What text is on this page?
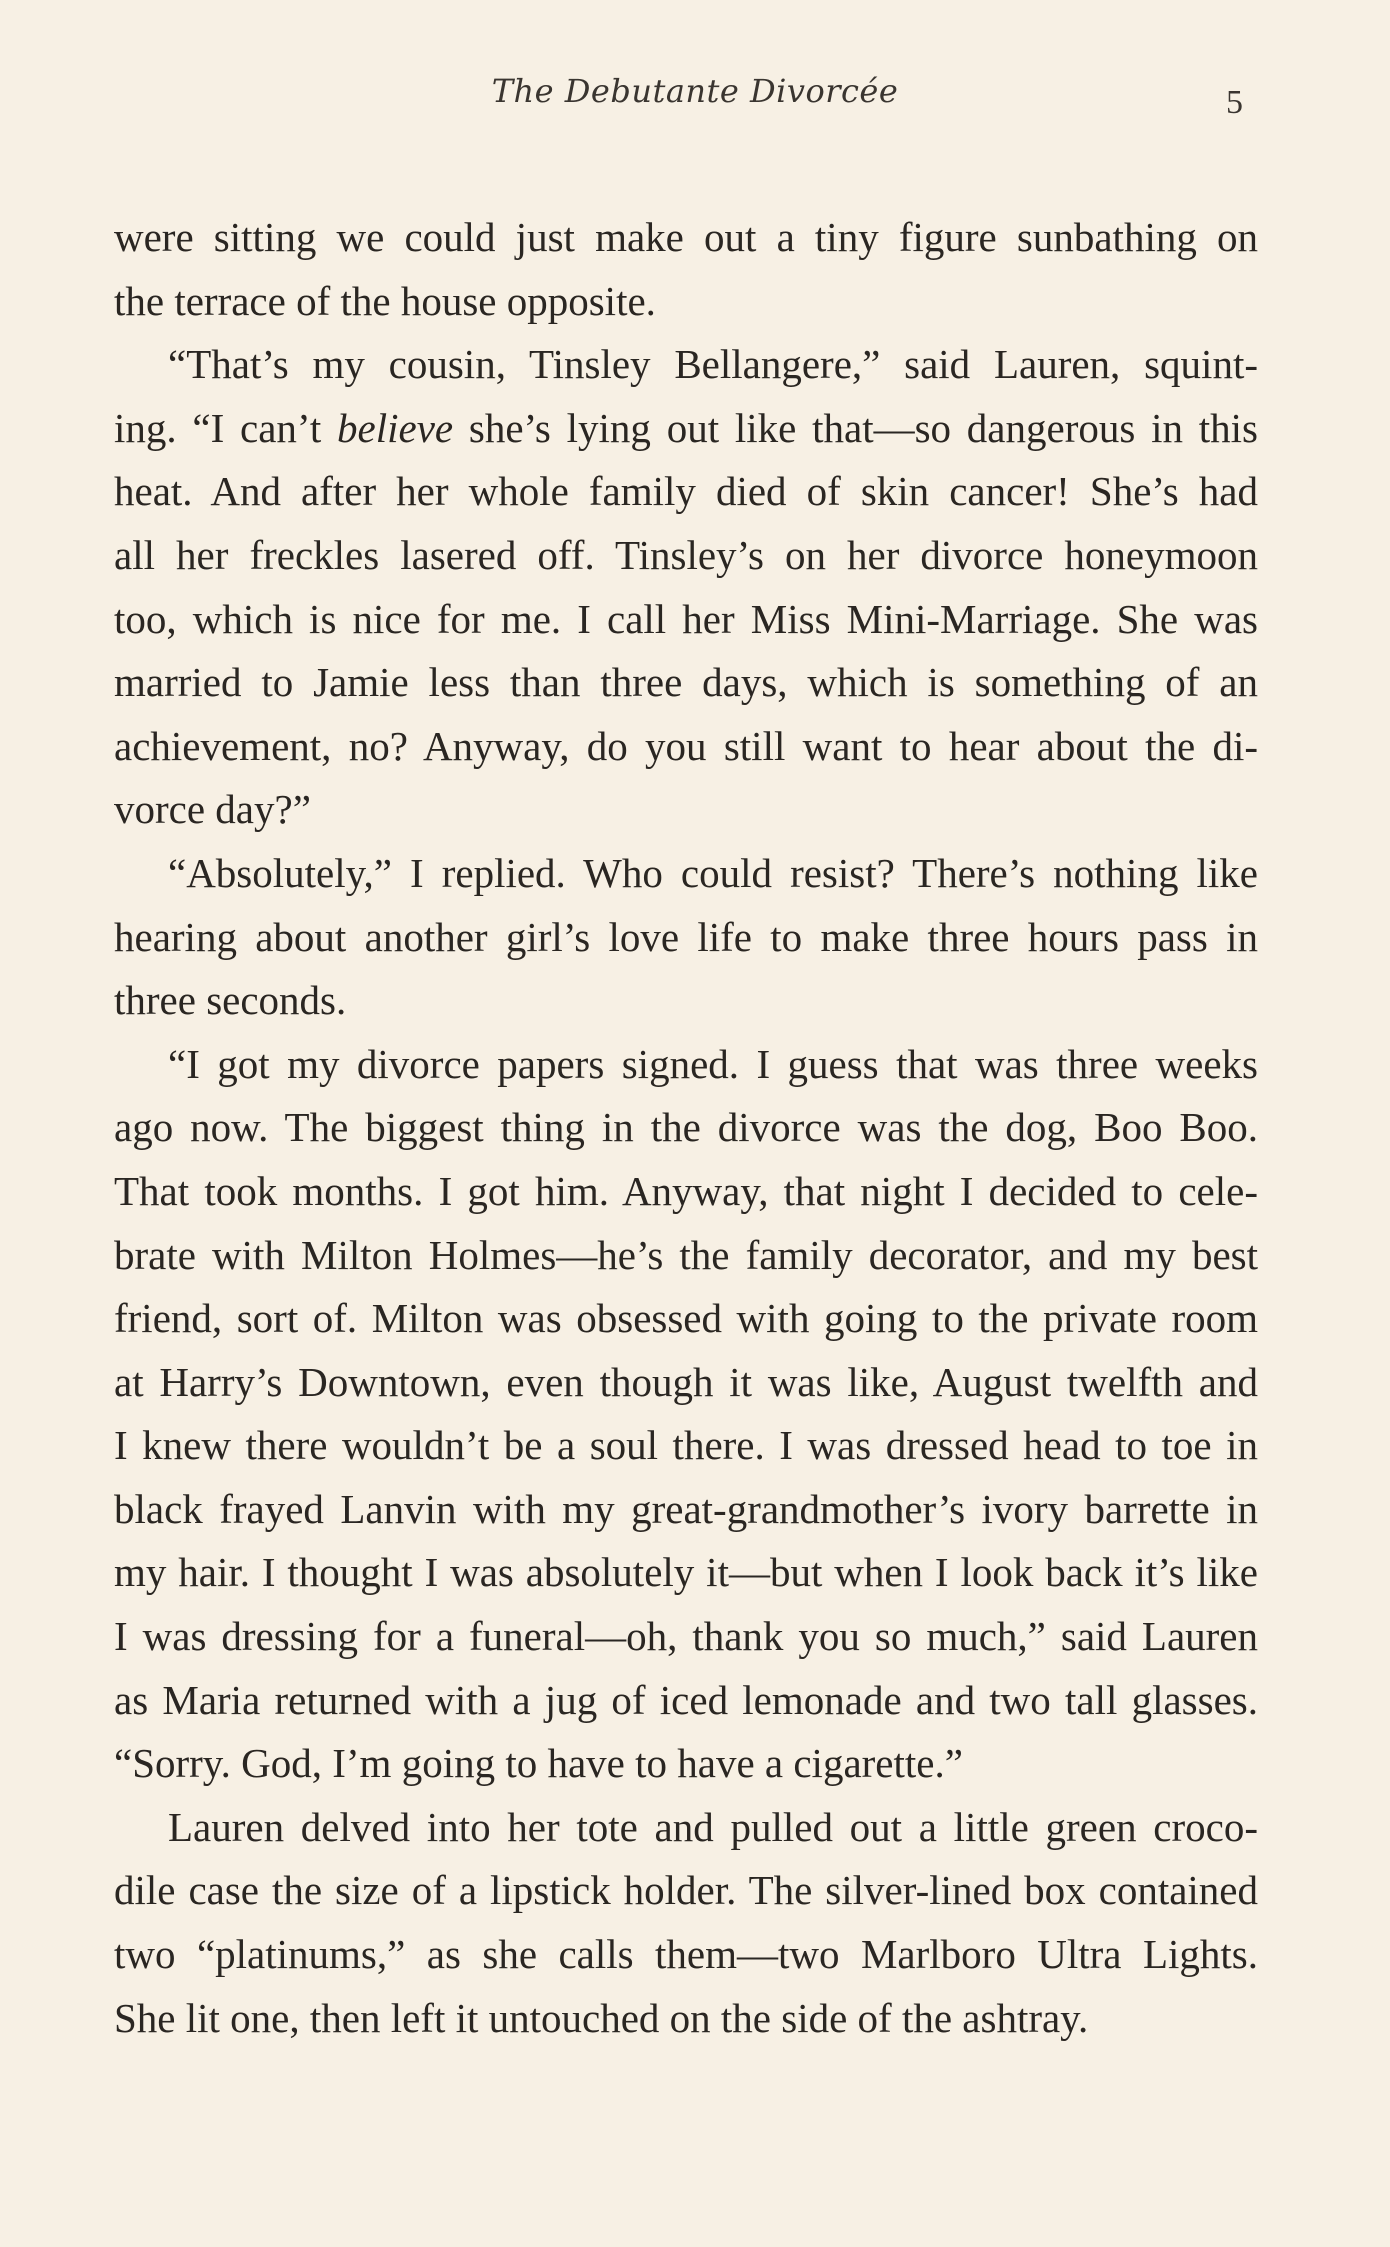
The Debutante Divorcée	5
were sitting we could just make out a tiny figure sunbathing on
the terrace of the house opposite.
“That’s my cousin, Tinsley Bellangere,” said Lauren, squint-
ing. “I can’t believe she’s lying out like that—so dangerous in this
heat. And after her whole family died of skin cancer! She’s had
all her freckles lasered off. Tinsley’s on her divorce honeymoon
too, which is nice for me. I call her Miss Mini-Marriage. She was
married to Jamie less than three days, which is something of an
achievement, no? Anyway, do you still want to hear about the di-
vorce day?”
“Absolutely,” I replied. Who could resist? There’s nothing like
hearing about another girl’s love life to make three hours pass in
three seconds.
“I got my divorce papers signed. I guess that was three weeks
ago now. The biggest thing in the divorce was the dog, Boo Boo.
That took months. I got him. Anyway, that night I decided to cele-
brate with Milton Holmes—he’s the family decorator, and my best
friend, sort of. Milton was obsessed with going to the private room
at Harry’s Downtown, even though it was like, August twelfth and
I knew there wouldn’t be a soul there. I was dressed head to toe in
black frayed Lanvin with my great-grandmother’s ivory barrette in
my hair. I thought I was absolutely it—but when I look back it’s like
I was dressing for a funeral—oh, thank you so much,” said Lauren
as Maria returned with a jug of iced lemonade and two tall glasses.
“Sorry. God, I’m going to have to have a cigarette.”
Lauren delved into her tote and pulled out a little green croco-
dile case the size of a lipstick holder. The silver-lined box contained
two “platinums,” as she calls them—two Marlboro Ultra Lights.
She lit one, then left it untouched on the side of the ashtray.
